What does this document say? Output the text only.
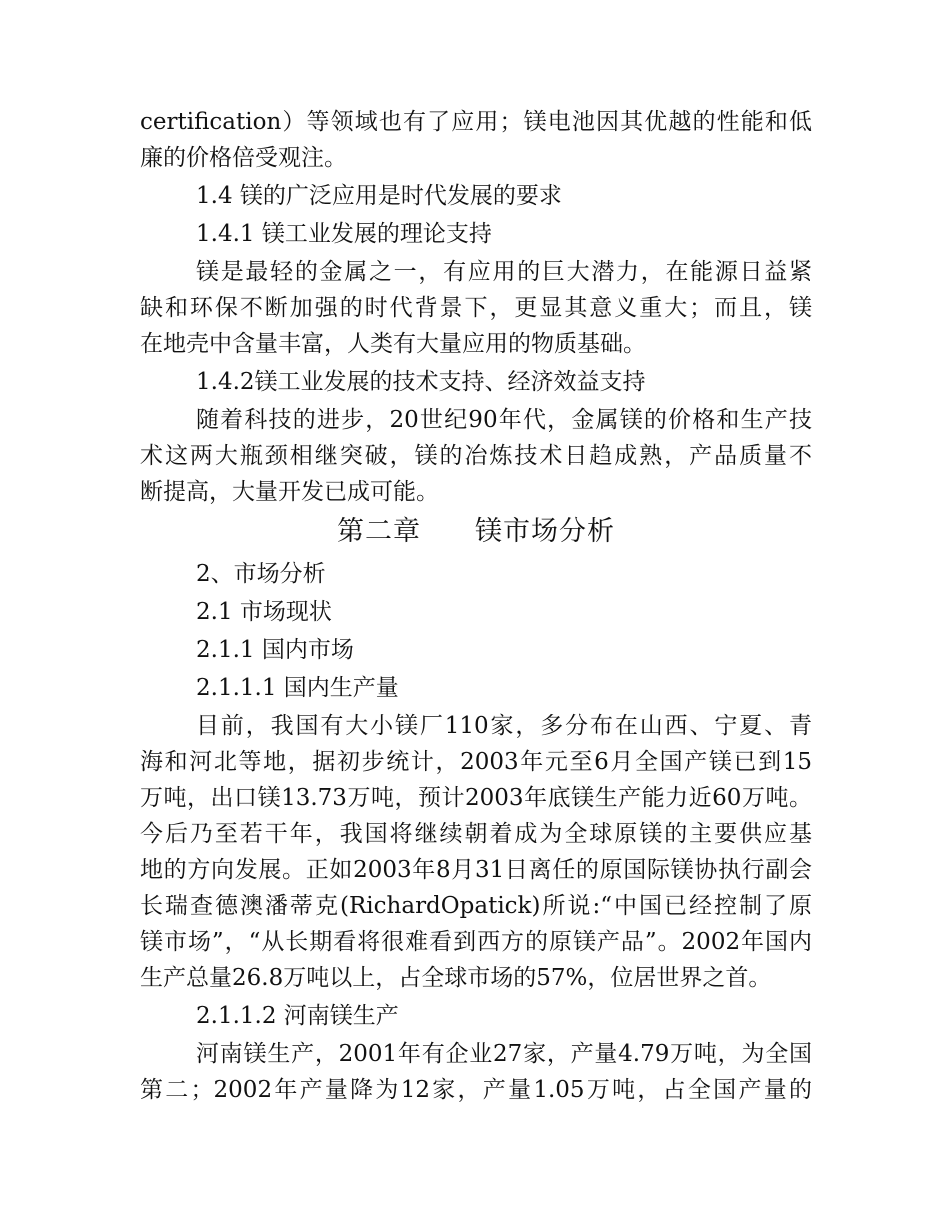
certification）等领域也有了应用；镁电池因其优越的性能和低
廉的价格倍受观注。
1.4 镁的广泛应用是时代发展的要求
1.4.1 镁工业发展的理论支持
镁是最轻的金属之一，有应用的巨大潜力，在能源日益紧
缺和环保不断加强的时代背景下，更显其意义重大；而且，镁
在地壳中含量丰富，人类有大量应用的物质基础。
1.4.2镁工业发展的技术支持、经济效益支持
随着科技的进步，20世纪90年代，金属镁的价格和生产技
术这两大瓶颈相继突破，镁的冶炼技术日趋成熟，产品质量不
断提高，大量开发已成可能。
第二章 镁市场分析
2、市场分析
2.1 市场现状
2.1.1 国内市场
2.1.1.1 国内生产量
目前，我国有大小镁厂110家，多分布在山西、宁夏、青
海和河北等地，据初步统计，2003年元至6月全国产镁已到15
万吨，出口镁13.73万吨，预计2003年底镁生产能力近60万吨。
今后乃至若干年，我国将继续朝着成为全球原镁的主要供应基
地的方向发展。正如​2003年8月31日离任的原国际镁协执行副会
长瑞查德澳潘蒂克(RichardOpatick)所说:“中国已经控制了原
镁市场”，“从长期看将很难看到西方的原镁产品”。2002年国内
生产总量26.8万吨以上，占全球市场的57%，位居世界之首。
2.1.1.2 河南镁生产
河南镁生产，2001年有企业27家，产量4.79万吨，为全国
第二；2002年产量降为12家，产量1.05万吨，占全国产量的
